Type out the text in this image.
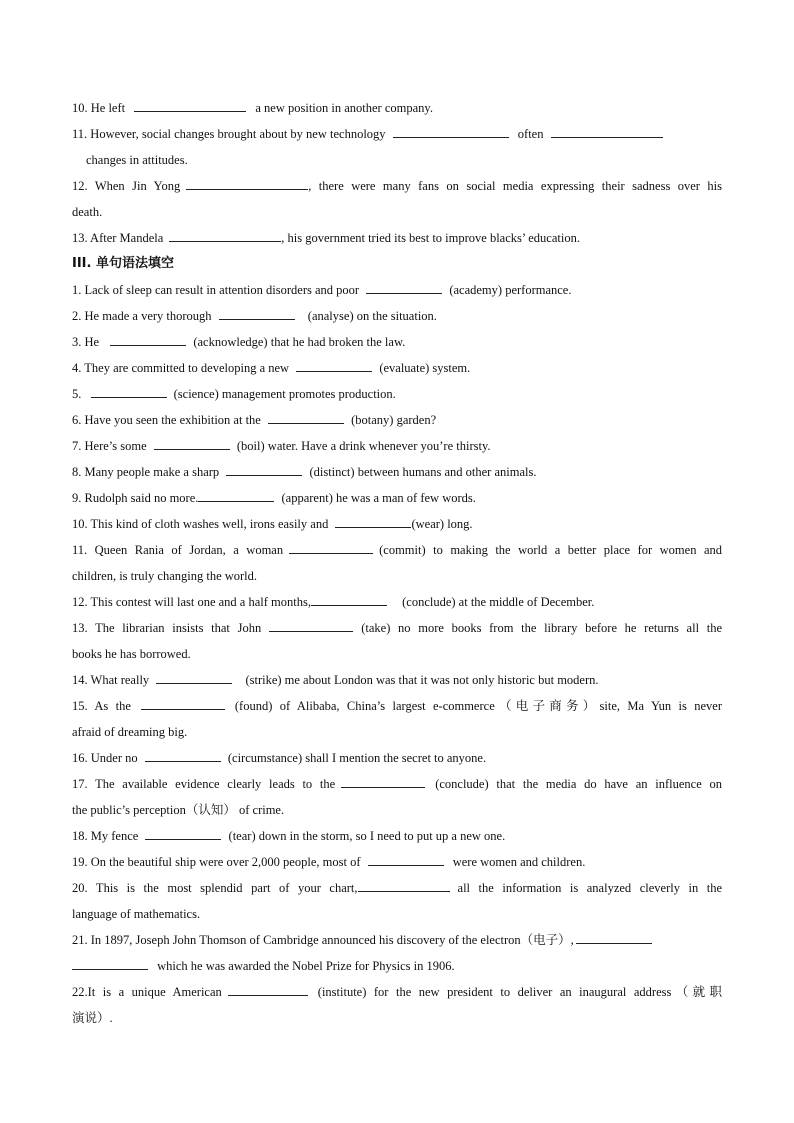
10. He left	a new position in another company.
11. However, social changes brought about by new technology	often
changes in attitudes.
12. When Jin Yong	, there were many fans on social media expressing their sadness over his
death.
13. After Mandela	, his government tried its best to improve blacks’ education.
III. 单句语法填空
1. Lack of sleep can result in attention disorders and poor	(academy) performance.
2. He made a very thorough	(analyse) on the situation.
3. He	(acknowledge) that he had broken the law.
4. They are committed to developing a new	(evaluate) system.
5.	(science) management promotes production.
6. Have you seen the exhibition at the	(botany) garden?
7. Here’s some	(boil) water. Have a drink whenever you’re thirsty.
8. Many people make a sharp	(distinct) between humans and other animals.
9. Rudolph said no more.	(apparent) he was a man of few words.
10. This kind of cloth washes well, irons easily and	(wear) long.
11. Queen Rania of Jordan, a woman	(commit) to making the world a better place for women and
children, is truly changing the world.
12. This contest will last one and a half months,	(conclude) at the middle of December.
13. The librarian insists that John	(take) no more books from the library before he returns all the
books he has borrowed.
14. What really	(strike) me about London was that it was not only historic but modern.
15. As the	(found) of Alibaba, China’s largest e-commerce（电子商务）site, Ma Yun is never
afraid of dreaming big.
16. Under no	(circumstance) shall I mention the secret to anyone.
17. The available evidence clearly leads to the	(conclude) that the media do have an influence on
the public’s perception（认知） of crime.
18. My fence	(tear) down in the storm, so I need to put up a new one.
19. On the beautiful ship were over 2,000 people, most of	were women and children.
20. This is the most splendid part of your chart,	all the information is analyzed cleverly in the
language of mathematics.
21. In 1897, Joseph John Thomson of Cambridge announced his discovery of the electron（电子）,
which he was awarded the Nobel Prize for Physics in 1906.
22.It is a unique American	(institute) for the new president to deliver an inaugural address（就职
演说）.
